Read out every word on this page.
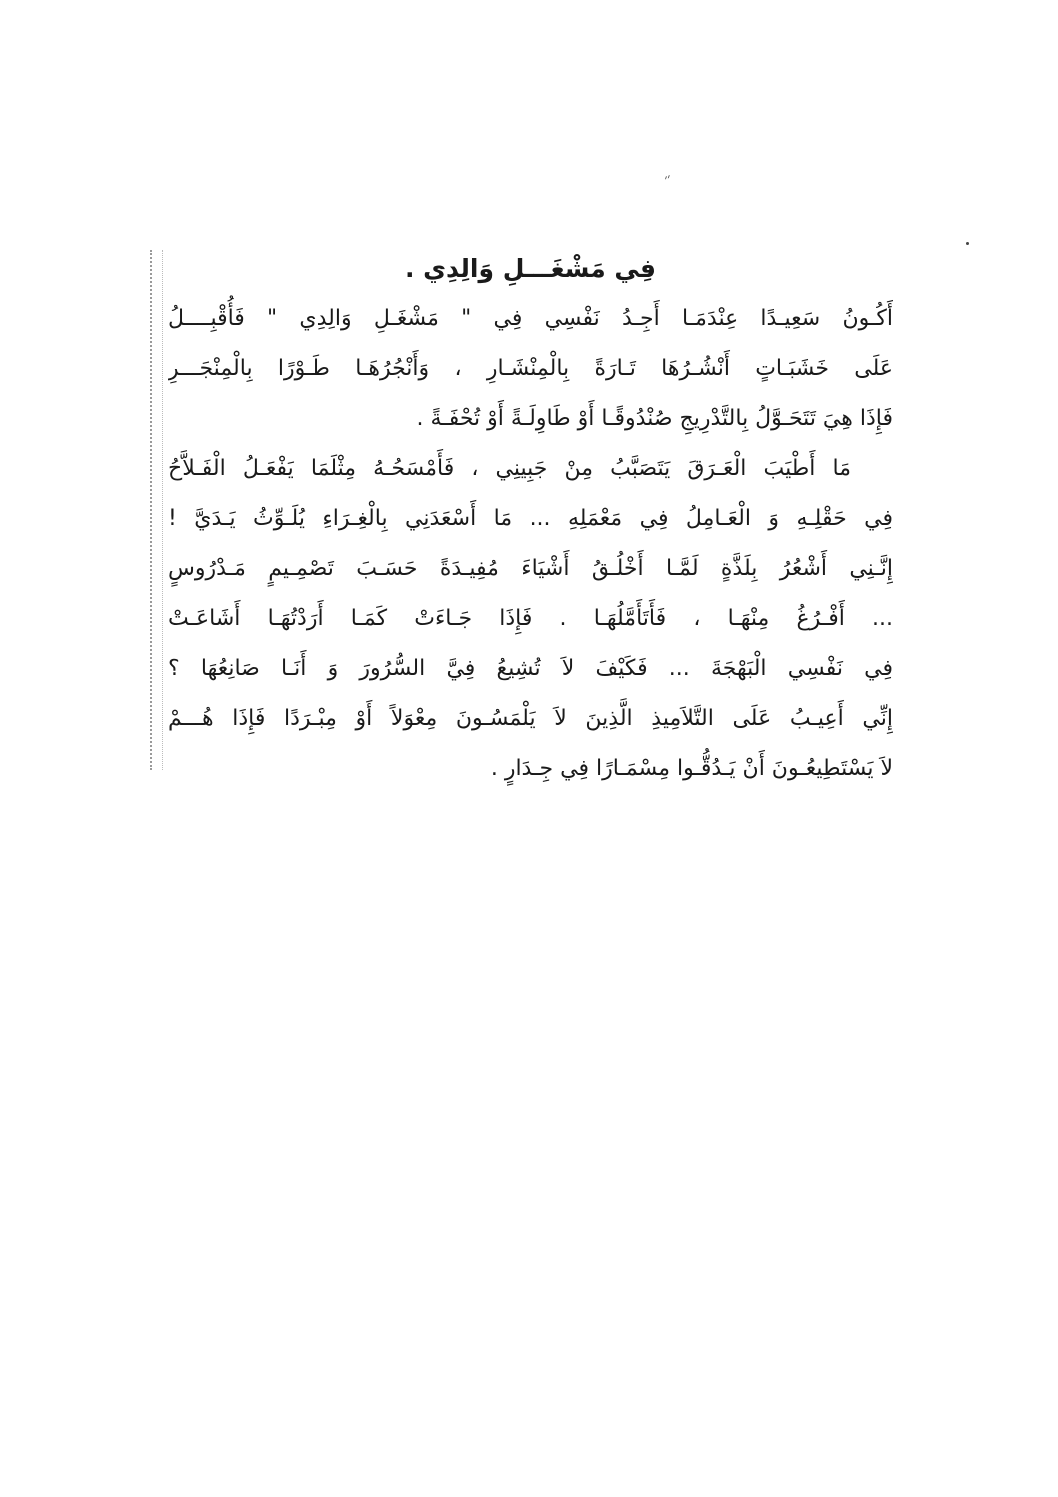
״
فِي مَشْغَـــلِ وَالِدِي .
أَكُـونُ سَعِيـدًا عِنْدَمَـا أَجِـدُ نَفْسِي فِي " مَشْغَـلِ وَالِدِي " فَأُقْبِــــلُ
عَلَى خَشَبَـاتٍ أَنْشُـرُهَا تَـارَةً بِالْمِنْشَـارِ ، وَأَنْجُرُهَـا طَـوْرًا بِالْمِنْجَـــرِ
فَإِذَا هِيَ تَتَحَـوَّلُ بِالتَّدْرِيجِ صُنْدُوقًـا أَوْ طَاوِلَـةً أَوْ تُحْفَـةً .
مَا أَطْيَبَ الْعَـرَقَ يَتَصَبَّبُ مِنْ جَبِينِي ، فَأَمْسَحُـهُ مِثْلَمَا يَفْعَـلُ الْفَـلاَّحُ
فِي حَقْلِـهِ وَ الْعَـامِلُ فِي مَعْمَلِهِ ... مَا أَسْعَدَنِي بِالْغِـرَاءِ يُلَـوِّثُ يَـدَيَّ !
إِنَّـنِي أَشْعُرُ بِلَذَّةٍ لَمَّـا أَخْلُـقُ أَشْيَاءَ مُفِيـدَةً حَسَـبَ تَصْمِـيمٍ مَـدْرُوسٍ
... أَفْـرُغُ مِنْهَـا ، فَأَتَأَمَّلُهَـا . فَإِذَا جَـاءَتْ كَمَـا أَرَدْتُهَـا أَشَاعَـتْ
فِي نَفْسِي الْبَهْجَةَ ... فَكَيْفَ لاَ تُشِيعُ فِيَّ السُّرُورَ وَ أَنَـا صَانِعُهَا ؟
إِنِّي أَعِيـبُ عَلَى التَّلاَمِيذِ الَّذِينَ لاَ يَلْمَسُـونَ مِعْوَلاً أَوْ مِبْـرَدًا فَإِذَا هُـــمْ
لاَ يَسْتَطِيعُـونَ أَنْ يَـدُقُّـوا مِسْمَـارًا فِي جِـدَارٍ .
